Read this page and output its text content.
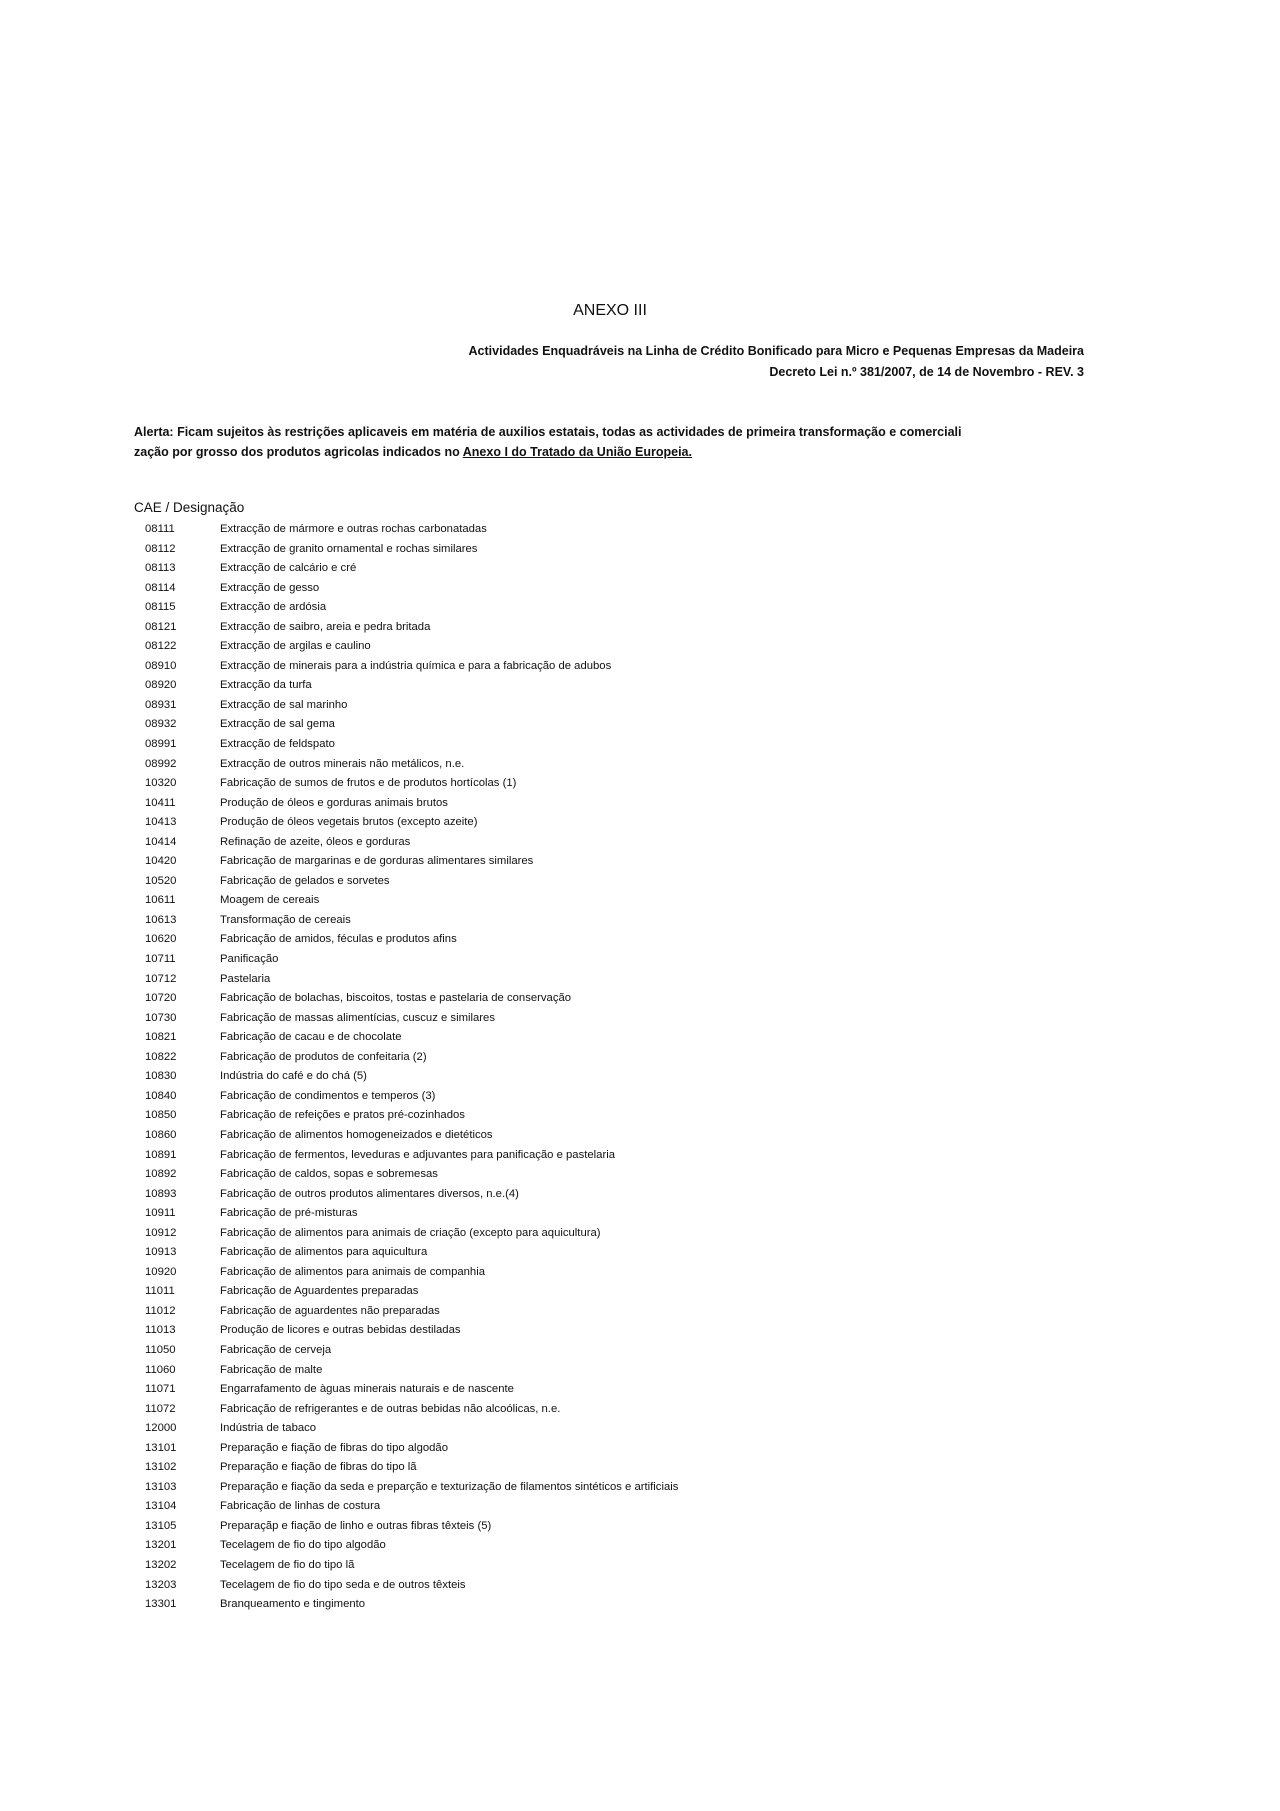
ANEXO III
Actividades Enquadráveis na Linha de Crédito Bonificado para Micro e Pequenas Empresas da Madeira
Decreto Lei n.º 381/2007, de 14 de Novembro - REV. 3
Alerta: Ficam sujeitos às restrições aplicaveis em matéria de auxilios estatais, todas as actividades de primeira transformação e comerciali
zação por grosso dos produtos agricolas indicados no Anexo I do Tratado da União Europeia.
CAE / Designação
08111	Extracção de mármore e outras rochas carbonatadas
08112	Extracção de granito ornamental e rochas similares
08113	Extracção de calcário e cré
08114	Extracção de gesso
08115	Extracção de ardósia
08121	Extracção de saibro, areia e pedra britada
08122	Extracção de argilas e caulino
08910	Extracção de minerais para a indústria química e para a fabricação de adubos
08920	Extracção da turfa
08931	Extracção de sal marinho
08932	Extracção de sal gema
08991	Extracção de feldspato
08992	Extracção de outros minerais não metálicos, n.e.
10320	Fabricação de sumos de frutos e de produtos hortícolas (1)
10411	Produção de óleos e gorduras animais brutos
10413	Produção de óleos vegetais brutos (excepto azeite)
10414	Refinação de azeite, óleos e gorduras
10420	Fabricação de margarinas e de gorduras alimentares similares
10520	Fabricação de gelados e sorvetes
10611	Moagem de cereais
10613	Transformação de cereais
10620	Fabricação de amidos, féculas e produtos afins
10711	Panificação
10712	Pastelaria
10720	Fabricação de bolachas, biscoitos, tostas e pastelaria de conservação
10730	Fabricação de massas alimentícias, cuscuz e similares
10821	Fabricação de cacau e de chocolate
10822	Fabricação de produtos de confeitaria (2)
10830	Indústria do café e do chá (5)
10840	Fabricação de condimentos e temperos (3)
10850	Fabricação de refeições e pratos pré-cozinhados
10860	Fabricação de alimentos homogeneizados e dietéticos
10891	Fabricação de fermentos, leveduras e adjuvantes para panificação e pastelaria
10892	Fabricação de caldos, sopas e sobremesas
10893	Fabricação de outros produtos alimentares diversos, n.e.(4)
10911	Fabricação de pré-misturas
10912	Fabricação de alimentos para animais de criação (excepto para aquicultura)
10913	Fabricação de alimentos para aquicultura
10920	Fabricação de alimentos para animais de companhia
11011	Fabricação de Aguardentes preparadas
11012	Fabricação de aguardentes não preparadas
11013	Produção de licores e outras bebidas destiladas
11050	Fabricação de cerveja
11060	Fabricação de malte
11071	Engarrafamento de àguas minerais naturais e de nascente
11072	Fabricação de refrigerantes e de outras bebidas não alcoólicas, n.e.
12000	Indústria de tabaco
13101	Preparação e fiação de fibras do tipo algodão
13102	Preparação e fiação de fibras do tipo lã
13103	Preparação e fiação da seda e preparção e texturização de filamentos sintéticos e artificiais
13104	Fabricação de linhas de costura
13105	Preparaçãp e fiação de linho e outras fibras têxteis (5)
13201	Tecelagem de fio do tipo algodão
13202	Tecelagem de fio do tipo lã
13203	Tecelagem de fio do tipo seda e de outros têxteis
13301	Branqueamento e tingimento
